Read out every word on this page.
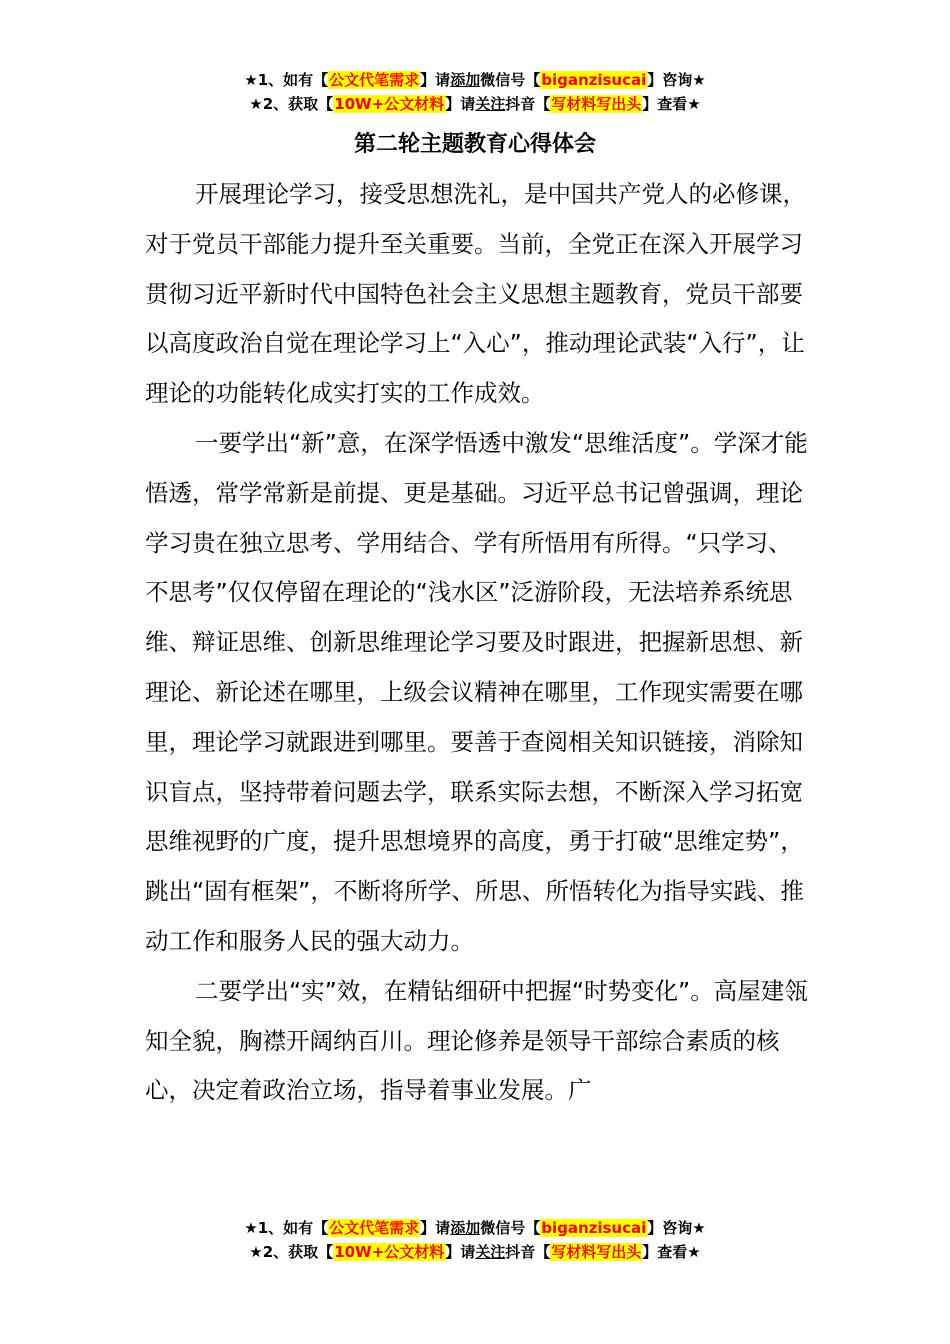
★1、如有【公文代笔需求】请添加微信号【biganzisucai】咨询★
★2、获取【10W+公文材料】请关注抖音【写材料写出头】查看★
第二轮主题教育心得体会

开展理论学习，接受思想洗礼，是中国共产党人的必修课，对于党员干部能力提升至关重要。当前，全党正在深入开展学习贯彻习近平新时代中国特色社会主义思想主题教育，党员干部要以高度政治自觉在理论学习上“入心”，推动理论武装“入行”，让理论的功能转化成实打实的工作成效。

一要学出“新”意，在深学悟透中激发“思维活度”。学深才能悟透，常学常新是前提、更是基础。习近平总书记曾强调，理论学习贵在独立思考、学用结合、学有所悟用有所得。“只学习、不思考”仅仅停留在理论的“浅水区”泛游阶段，无法培养系统思维、辩证思维、创新思维理论学习要及时跟进，把握新思想、新理论、新论述在哪里，上级会议精神在哪里，工作现实需要在哪里，理论学习就跟进到哪里。要善于查阅相关知识链接，消除知识盲点，坚持带着问题去学，联系实际去想，不断深入学习拓宽思维视野的广度，提升思想境界的高度，勇于打破“思维定势”，跳出“固有框架”，不断将所学、所思、所悟转化为指导实践、推动工作和服务人民的强大动力。

二要学出“实”效，在精钻细研中把握“时势变化”。高屋建瓴知全貌，胸襟开阔纳百川。理论修养是领导干部综合素质的核心，决定着政治立场，指导着事业发展。广

★1、如有【公文代笔需求】请添加微信号【biganzisucai】咨询★
★2、获取【10W+公文材料】请关注抖音【写材料写出头】查看★
